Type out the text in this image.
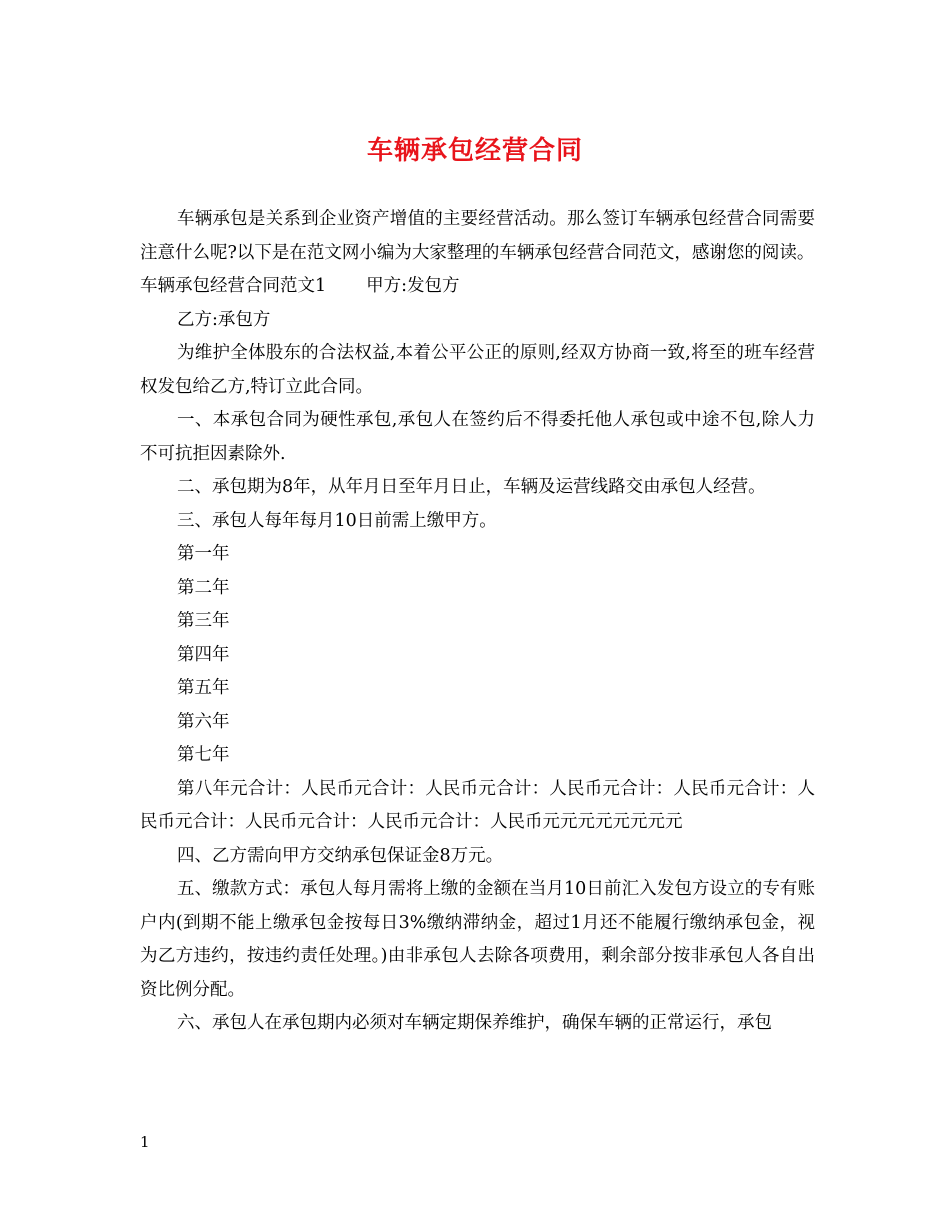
车辆承包经营合同

车辆承包是关系到企业资产增值的主要经营活动。那么签订车辆承包经营合同需要注意什么呢?以下是在范文网小编为大家整理的车辆承包经营合同范文，感谢您的阅读。

车辆承包经营合同范文1 甲方:发包方

乙方:承包方

为维护全体股东的合法权益,本着公平公正的原则,经双方协商一致,将至的班车经营权发包给乙方,特订立此合同。

一、本承包合同为硬性承包,承包人在签约后不得委托他人承包或中途不包,除人力不可抗拒因素除外.

二、承包期为8年，从年月日至年月日止，车辆及运营线路交由承包人经营。

三、承包人每年每月10日前需上缴甲方。

第一年

第二年

第三年

第四年

第五年

第六年

第七年

第八年元合计：人民币元合计：人民币元合计：人民币元合计：人民币元合计：人民币元合计：人民币元合计：人民币元合计：人民币元元元元元元元元

四、乙方需向甲方交纳承包保证金8万元。

五、缴款方式：承包人每月需将上缴的金额在当月10日前汇入发包方设立的专有账户内(到期不能上缴承包金按每日3%缴纳滞纳金，超过1月还不能履行缴纳承包金，视为乙方违约，按违约责任处理。)由非承包人去除各项费用，剩余部分按非承包人各自出资比例分配。

六、承包人在承包期内必须对车辆定期保养维护，确保车辆的正常运行，承包

1
